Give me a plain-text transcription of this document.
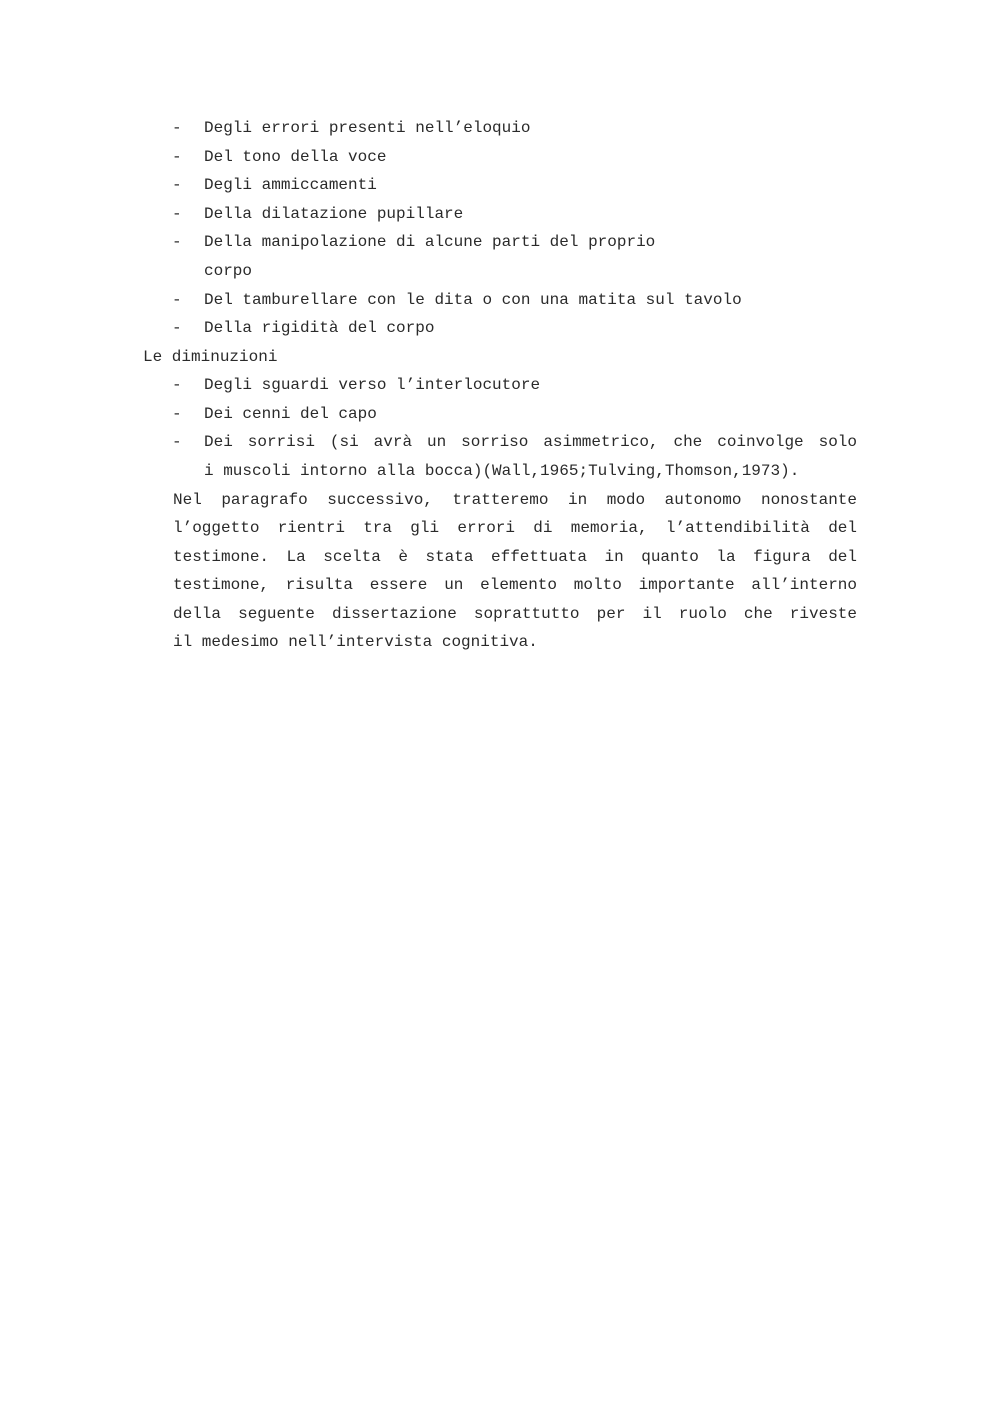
- Degli errori presenti nell’eloquio
- Del tono della voce
- Degli ammiccamenti
- Della dilatazione pupillare
- Della manipolazione di alcune parti del proprio
corpo
- Del tamburellare con le dita o con una matita sul tavolo
- Della rigidità del corpo
Le diminuzioni
- Degli sguardi verso l’interlocutore
- Dei cenni del capo
- Dei sorrisi (si avrà un sorriso asimmetrico, che coinvolge solo
i muscoli intorno alla bocca)(Wall,1965;Tulving,Thomson,1973).
Nel paragrafo successivo, tratteremo in modo autonomo nonostante
l’oggetto rientri tra gli errori di memoria, l’attendibilità del
testimone. La scelta è stata effettuata in quanto la figura del
testimone, risulta essere un elemento molto importante all’interno
della seguente dissertazione soprattutto per il ruolo che riveste
il medesimo nell’intervista cognitiva.
